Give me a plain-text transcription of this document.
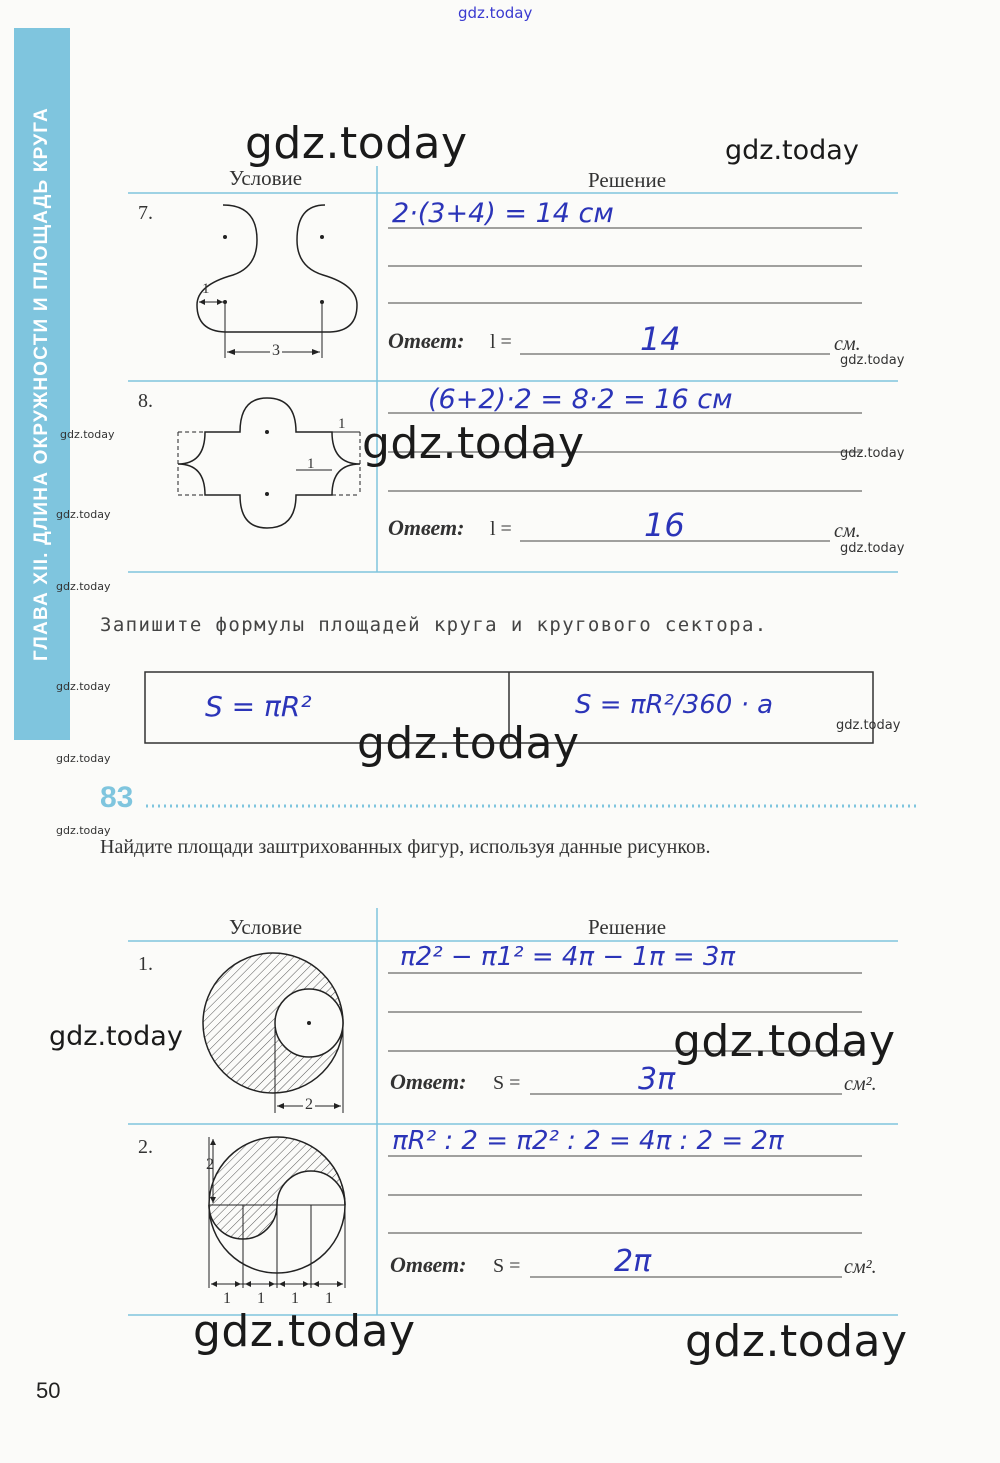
gdz.today
ГЛАВА XII. ДЛИНА ОКРУЖНОСТИ И ПЛОЩАДЬ КРУГА	1
3
1
1
Условие	Решение
7.	2·(3+4) = 14 см
Ответ: l =	14	см.
8.	(6+2)·2 = 8·2 = 16 см
Ответ: l =	16	см.
Запишите формулы площадей круга и кругового сектора.
S = πR²	S = πR²/360 · a
83
Найдите площади заштрихованных фигур, используя данные рисунков.
Условие	Решение
2
1.	π2² − π1² = 4π − 1π = 3π
Ответ: S =	3π	см².
2
1 1 1 1
2.	πR² : 2 = π2² : 2 = 4π : 2 = 2π
Ответ: S =	2π	см².
50
gdz.today	gdz.today
gdz.today
gdz.today
gdz.today
gdz.today
gdz.today
gdz.today
gdz.today
gdz.today
gdz.today
gdz.today
gdz.today
gdz.today
gdz.today	gdz.today
gdz.today	gdz.today
